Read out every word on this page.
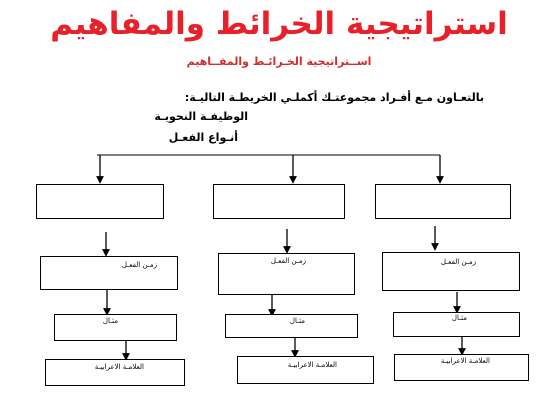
استراتيجية الخرائط والمفاهيم
اســتراتيجية الخـرائـط والمفــاهيم
بالتعـاون مـع أفـراد مجموعتـك أكملـي الخريطـة التاليـة:
الوظيفـة النحويـة
أنـواع الفعـل
زمـن الفعـل	زمـن الفعـل	زمـن الفعـل
مثـال	مثـال	مثـال
العلامـة الاعرابيـة	العلامـة الاعرابيـة	العلامـة الاعرابيـة
